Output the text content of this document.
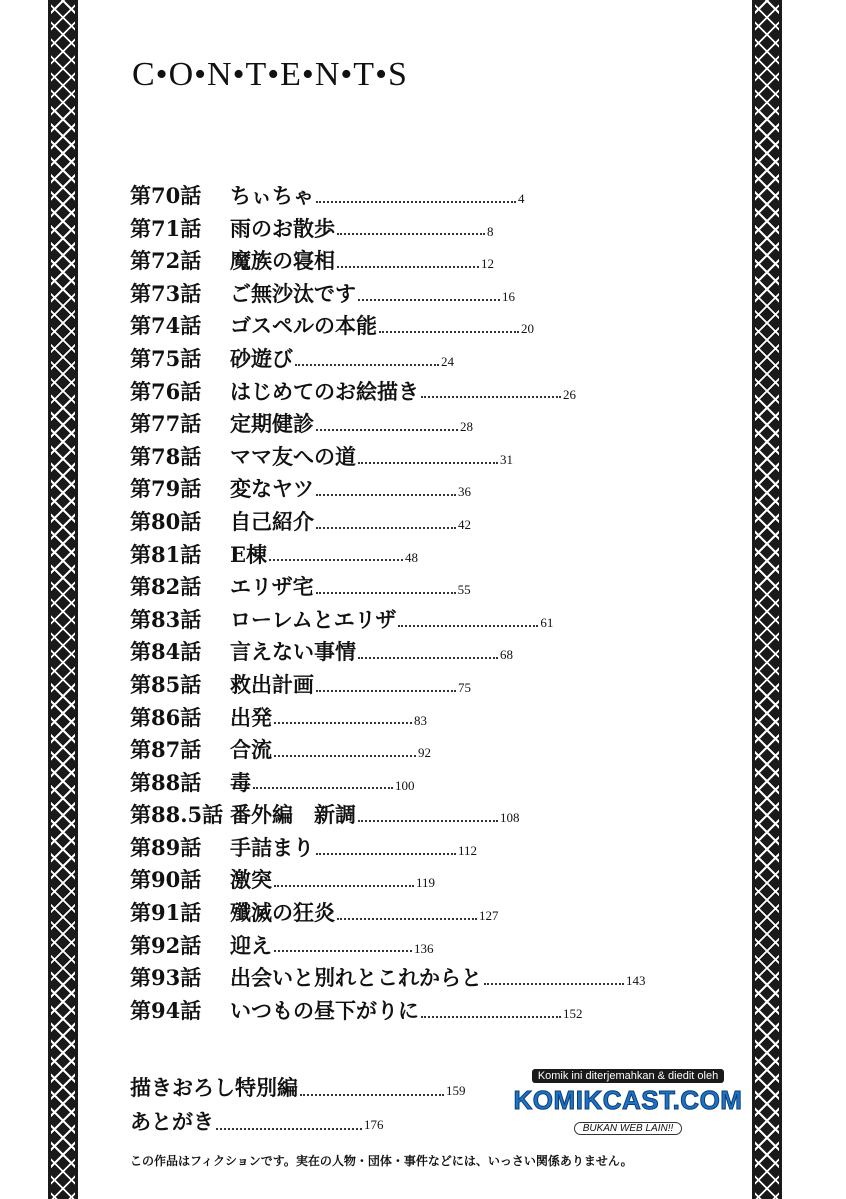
C•O•N•T•E•N•T•S
第70話	ちぃちゃ	4
第71話	雨のお散歩	8
第72話	魔族の寝相	12
第73話	ご無沙汰です	16
第74話	ゴスペルの本能	20
第75話	砂遊び	24
第76話	はじめてのお絵描き	26
第77話	定期健診	28
第78話	ママ友への道	31
第79話	変なヤツ	36
第80話	自己紹介	42
第81話	E棟	48
第82話	エリザ宅	55
第83話	ローレムとエリザ	61
第84話	言えない事情	68
第85話	救出計画	75
第86話	出発	83
第87話	合流	92
第88話	毒	100
第88.5話 番外編　新調	108
第89話	手詰まり	112
第90話	激突	119
第91話	殲滅の狂炎	127
第92話	迎え	136
第93話	出会いと別れとこれからと	143
第94話	いつもの昼下がりに	152
描きおろし特別編	159
あとがき	176
この作品はフィクションです。実在の人物・団体・事件などには、いっさい関係ありません。
Komik ini diterjemahkan & diedit oleh
KOMIKCAST.COM
BUKAN WEB LAIN!!
